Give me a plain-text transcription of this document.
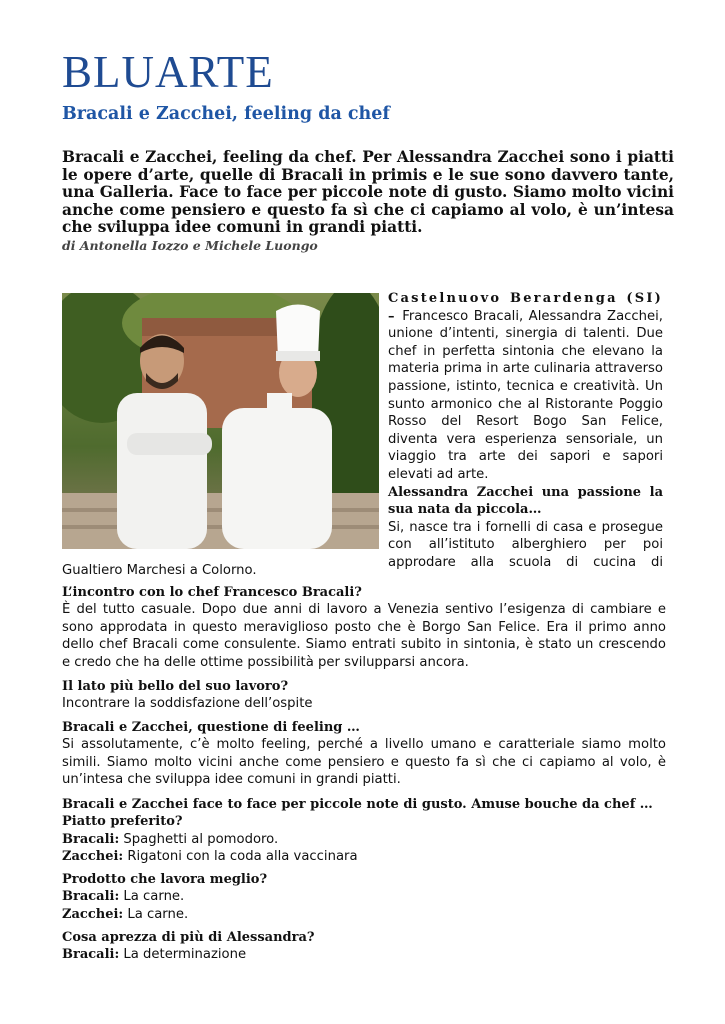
BLUARTE
Bracali e Zacchei, feeling da chef
Bracali e Zacchei, feeling da chef. Per Alessandra Zacchei sono i piatti le opere d’arte, quelle di Bracali in primis e le sue sono davvero tante, una Galleria. Face to face per piccole note di gusto. Siamo molto vicini anche come pensiero e questo fa sì che ci capiamo al volo, è un’intesa che sviluppa idee comuni in grandi piatti.
di Antonella Iozzo e Michele Luongo
Castelnuovo Berardenga (SI) – Francesco Bracali, Alessandra Zacchei, unione d’intenti, sinergia di talenti. Due chef in perfetta sintonia che elevano la materia prima in arte culinaria attraverso passione, istinto, tecnica e creatività. Un sunto armonico che al Ristorante Poggio Rosso del Resort Bogo San Felice, diventa vera esperienza sensoriale, un viaggio tra arte dei sapori e sapori elevati ad arte.
Alessandra Zacchei una passione la sua nata da piccola…
Si, nasce tra i fornelli di casa e prosegue con all’istituto alberghiero per poi approdare alla scuola di cucina di

Gualtiero Marchesi a Colorno.

L’incontro con lo chef Francesco Bracali?

È del tutto casuale. Dopo due anni di lavoro a Venezia sentivo l’esigenza di cambiare e sono approdata in questo meraviglioso posto che è Borgo San Felice. Era il primo anno dello chef Bracali come consulente. Siamo entrati subito in sintonia, è stato un crescendo e credo che ha delle ottime possibilità per svilupparsi ancora.

Il lato più bello del suo lavoro?

Incontrare la soddisfazione dell’ospite

Bracali e Zacchei, questione di feeling …

Si assolutamente, c’è molto feeling, perché a livello umano e caratteriale siamo molto simili. Siamo molto vicini anche come pensiero e questo fa sì che ci capiamo al volo, è un’intesa che sviluppa idee comuni in grandi piatti.

Bracali e Zacchei face to face per piccole note di gusto. Amuse bouche da chef …

Piatto preferito?

Bracali: Spaghetti al pomodoro.

Zacchei: Rigatoni con la coda alla vaccinara

Prodotto che lavora meglio?

Bracali: La carne.

Zacchei: La carne.

Cosa aprezza di più di Alessandra?

Bracali: La determinazione
